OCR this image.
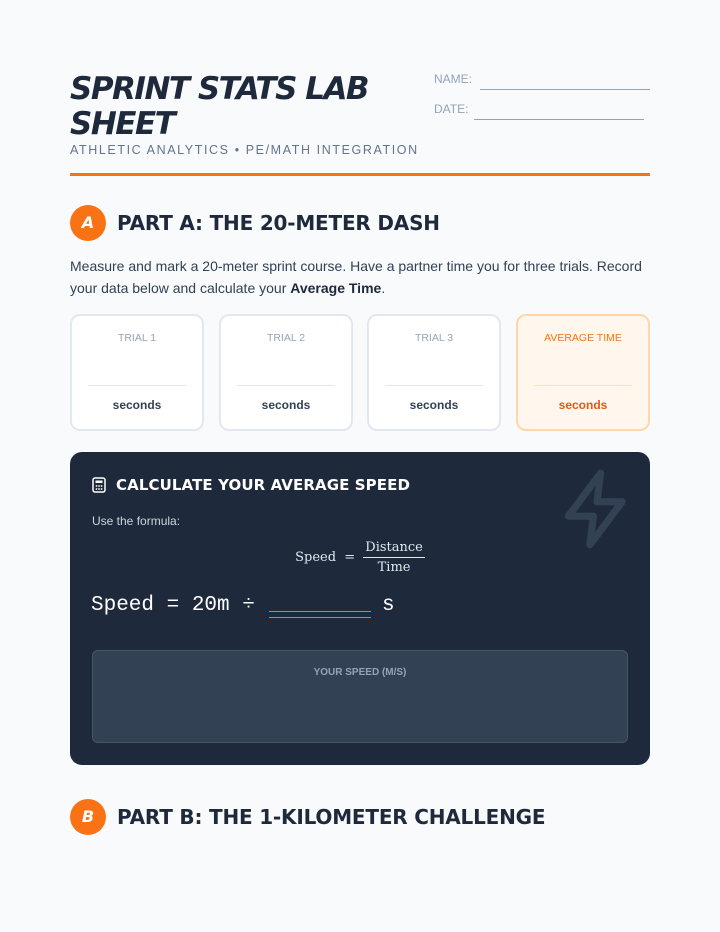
SPRINT STATS LAB SHEET
ATHLETIC ANALYTICS • PE/MATH INTEGRATION
NAME:
DATE:
A	PART A: THE 20-METER DASH

Measure and mark a 20-meter sprint course. Have a partner time you for three trials. Record your data below and calculate your Average Time.

TRIAL 1
seconds
TRIAL 2
seconds
TRIAL 3
seconds
AVERAGE TIME
seconds
CALCULATE YOUR AVERAGE SPEED
Use the formula:
Speed = $\frac{\text{Distance}}{\text{Time}}$
Speed = 20m ÷	s
YOUR SPEED (M/S)
B	PART B: THE 1-KILOMETER CHALLENGE
